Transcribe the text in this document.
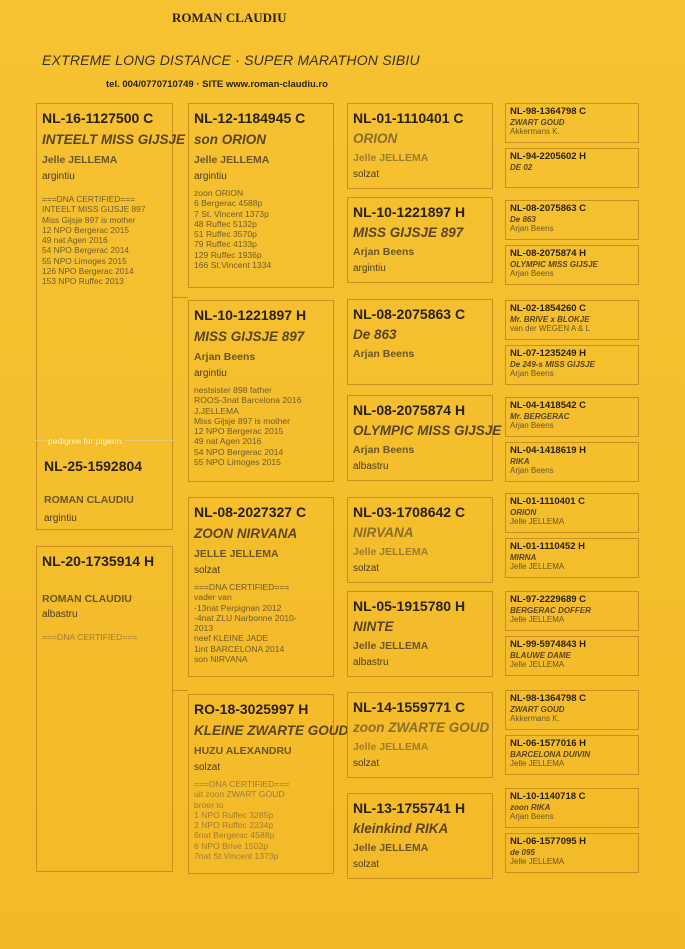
ROMAN CLAUDIU
EXTREME LONG DISTANCE · SUPER MARATHON SIBIU
tel. 004/0770710749 · SITE www.roman-claudiu.ro
NL-16-1127500 C
INTEELT MISS GIJSJE
Jelle JELLEMA
argintiu
===DNA CERTIFIED===
INTEELT MISS GIJSJE 897
Miss Gijsje 897 is mother
12 NPO Bergerac 2015
49 nat Agen 2016
54 NPO Bergerac 2014
55 NPO Limoges 2015
126 NPO Bergerac 2014
153 NPO Ruffec 2013
pedigree for pigeon:
NL-25-1592804
ROMAN CLAUDIU
argintiu
NL-20-1735914 H
ROMAN CLAUDIU
albastru
===DNA CERTIFIED===
NL-12-1184945 C
son ORION
Jelle JELLEMA
argintiu
zoon ORION
6 Bergerac 4588p
7 St. Vincent 1373p
48 Ruffec 5132p
51 Ruffec 3570p
79 Ruffec 4133p
129 Ruffec 1936p
166 St.Vincent 1334
NL-10-1221897 H
MISS GIJSJE 897
Arjan Beens
argintiu
nestsister 898 father
ROOS-3nat Barcelona 2016
J.JELLEMA
Miss Gijsje 897 is mother
12 NPO Bergerac 2015
49 nat Agen 2016
54 NPO Bergerac 2014
55 NPO Limoges 2015
NL-08-2027327 C
ZOON NIRVANA
JELLE JELLEMA
solzat
===DNA CERTIFIED===
vader van
-13nat Perpignan 2012
-4nat ZLU Narbonne 2010-
2013
neef KLEINE JADE
1int BARCELONA 2014
son NIRVANA
RO-18-3025997 H
KLEINE ZWARTE GOUD
HUZU ALEXANDRU
solzat
===DNA CERTIFIED===
uit zoon ZWART GOUD
broer to
1 NPO Ruffec 3285p
2 NPO Ruffec 2234p
6nat Bergerac 4588p
6 NPO Brive 1502p
7nat St.Vincent 1373p
NL-01-1110401 C
ORION
Jelle JELLEMA
solzat
NL-10-1221897 H
MISS GIJSJE 897
Arjan Beens
argintiu
NL-08-2075863 C
De 863
Arjan Beens
NL-08-2075874 H
OLYMPIC MISS GIJSJE
Arjan Beens
albastru
NL-03-1708642 C
NIRVANA
Jelle JELLEMA
solzat
NL-05-1915780 H
NINTE
Jelle JELLEMA
albastru
NL-14-1559771 C
zoon ZWARTE GOUD
Jelle JELLEMA
solzat
NL-13-1755741 H
kleinkind RIKA
Jelle JELLEMA
solzat
NL-98-1364798 C
ZWART GOUD
Akkermans K.
NL-94-2205602 H
DE 02
NL-08-2075863 C
De 863
Arjan Beens
NL-08-2075874 H
OLYMPIC MISS GIJSJE
Arjan Beens
NL-02-1854260 C
Mr. BRIVE x BLOKJE
van der WEGEN A & L
NL-07-1235249 H
De 249-s MISS GIJSJE
Arjan Beens
NL-04-1418542 C
Mr. BERGERAC
Arjan Beens
NL-04-1418619 H
RIKA
Arjan Beens
NL-01-1110401 C
ORION
Jelle JELLEMA
NL-01-1110452 H
MIRNA
Jelle JELLEMA
NL-97-2229689 C
BERGERAC DOFFER
Jelle JELLEMA
NL-99-5974843 H
BLAUWE DAME
Jelle JELLEMA
NL-98-1364798 C
ZWART GOUD
Akkermans K.
NL-06-1577016 H
BARCELONA DUIVIN
Jelle JELLEMA
NL-10-1140718 C
zoon RIKA
Arjan Beens
NL-06-1577095 H
de 095
Jelle JELLEMA
